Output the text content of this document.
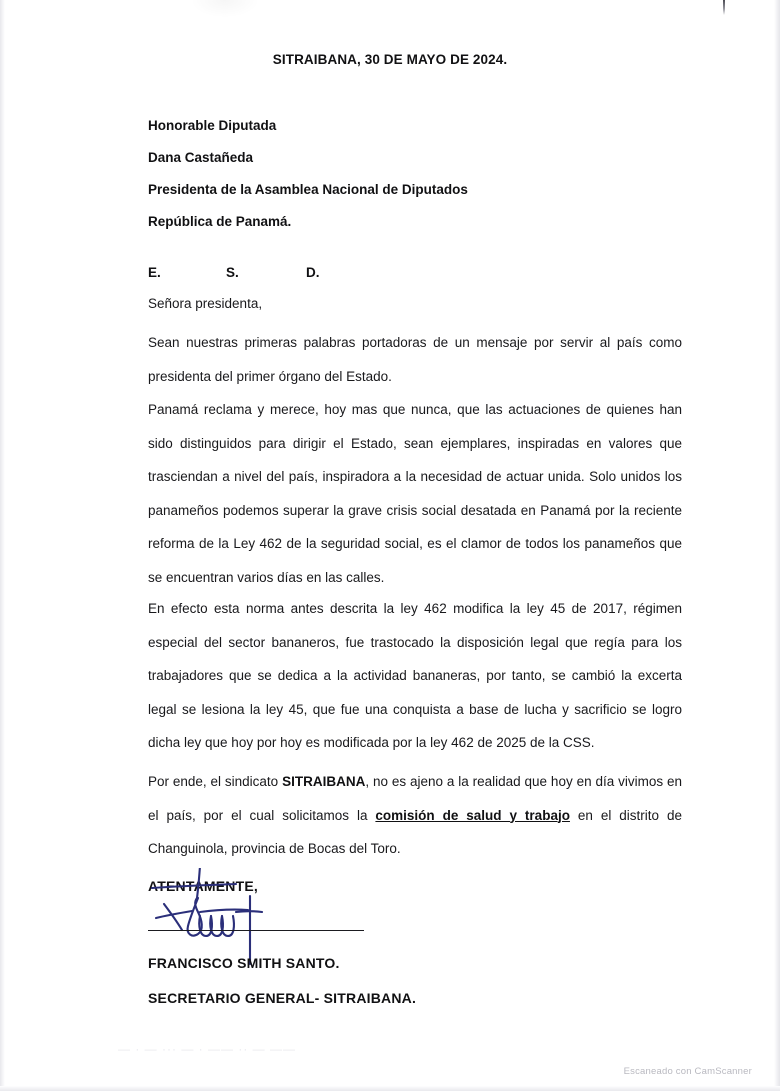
SITRAIBANA, 30 DE MAYO DE 2024.
Honorable Diputada
Dana Castañeda
Presidenta de la Asamblea Nacional de Diputados
República de Panamá.
E.	S.	D.
Señora presidenta,

Sean nuestras primeras palabras portadoras de un mensaje por servir al país como presidenta del primer órgano del Estado.

Panamá reclama y merece, hoy mas que nunca, que las actuaciones de quienes han sido distinguidos para dirigir el Estado, sean ejemplares, inspiradas en valores que trasciendan a nivel del país, inspiradora a la necesidad de actuar unida. Solo unidos los panameños podemos superar la grave crisis social desatada en Panamá por la reciente reforma de la Ley 462 de la seguridad social, es el clamor de todos los panameños que se encuentran varios días en las calles.

En efecto esta norma antes descrita la ley 462 modifica la ley 45 de 2017, régimen especial del sector bananeros, fue trastocado la disposición legal que regía para los trabajadores que se dedica a la actividad bananeras, por tanto, se cambió la excerta legal se lesiona la ley 45, que fue una conquista a base de lucha y sacrificio se logro dicha ley que hoy por hoy es modificada por la ley 462 de 2025 de la CSS.

Por ende, el sindicato SITRAIBANA, no es ajeno a la realidad que hoy en día vivimos en el país, por el cual solicitamos la comisión de salud y trabajo en el distrito de Changuinola, provincia de Bocas del Toro.

ATENTAMENTE,
FRANCISCO SMITH SANTO.
SECRETARIO GENERAL- SITRAIBANA.
— · — ··· — · —— ·· — ——
Escaneado con CamScanner
